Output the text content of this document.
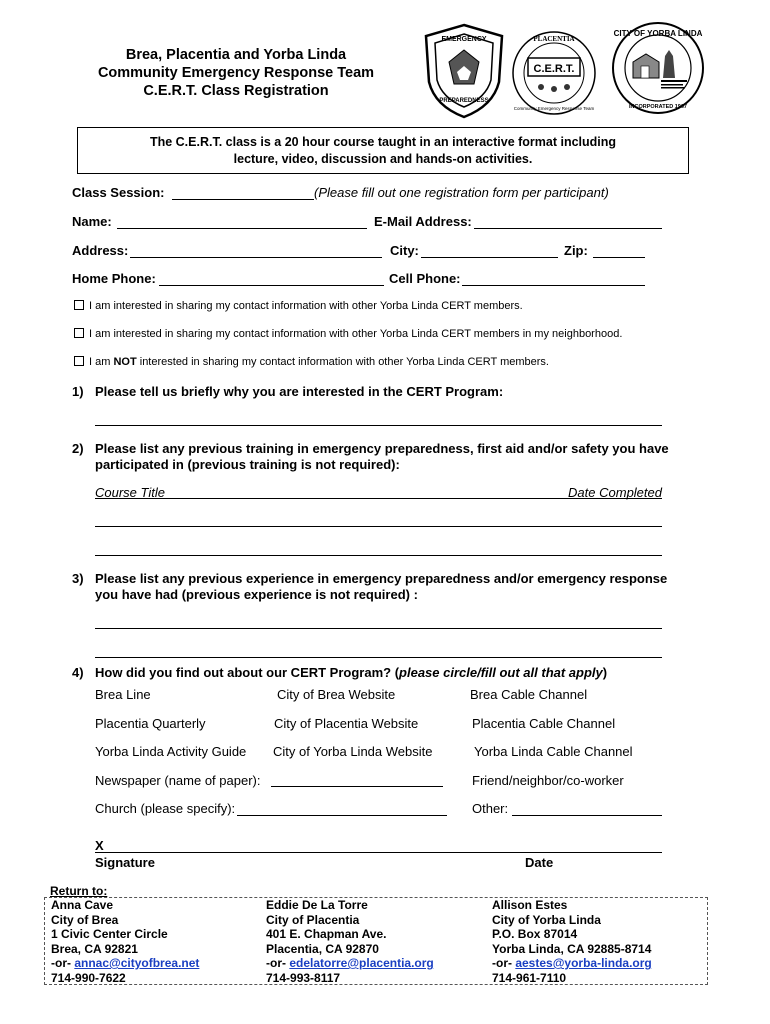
Brea, Placentia and Yorba Linda
Community Emergency Response Team
C.E.R.T. Class Registration
EMERGENCY
PREPAREDNESS
C.E.R.T.
PLACENTIA
Community Emergency Response Team
CITY OF YORBA LINDA
INCORPORATED 1967
The C.E.R.T. class is a 20 hour course taught in an interactive format including
lecture, video, discussion and hands-on activities.
Class Session:	(Please fill out one registration form per participant)
Name:	E-Mail Address:
Address:	City:	Zip:
Home Phone:	Cell Phone:
I am interested in sharing my contact information with other Yorba Linda CERT members.
I am interested in sharing my contact information with other Yorba Linda CERT members in my neighborhood.
I am NOT interested in sharing my contact information with other Yorba Linda CERT members.
1) Please tell us briefly why you are interested in the CERT Program:
2) Please list any previous training in emergency preparedness, first aid and/or safety you have
participated in (previous training is not required):
Course Title	Date Completed
3) Please list any previous experience in emergency preparedness and/or emergency response
you have had (previous experience is not required) :
4) How did you find out about our CERT Program? (please circle/fill out all that apply)
Brea Line	City of Brea Website	Brea Cable Channel
Placentia Quarterly	City of Placentia Website	Placentia Cable Channel
Yorba Linda Activity Guide City of Yorba Linda Website	Yorba Linda Cable Channel
Newspaper (name of paper):	Friend/neighbor/co-worker
Church (please specify):	Other:
X
Signature	Date
Return to:
Anna Cave
City of Brea
1 Civic Center Circle
Brea, CA 92821
-or- annac@cityofbrea.net
714-990-7622
Eddie De La Torre
City of Placentia
401 E. Chapman Ave.
Placentia, CA 92870
-or- edelatorre@placentia.org
714-993-8117
Allison Estes
City of Yorba Linda
P.O. Box 87014
Yorba Linda, CA 92885-8714
-or- aestes@yorba-linda.org
714-961-7110
